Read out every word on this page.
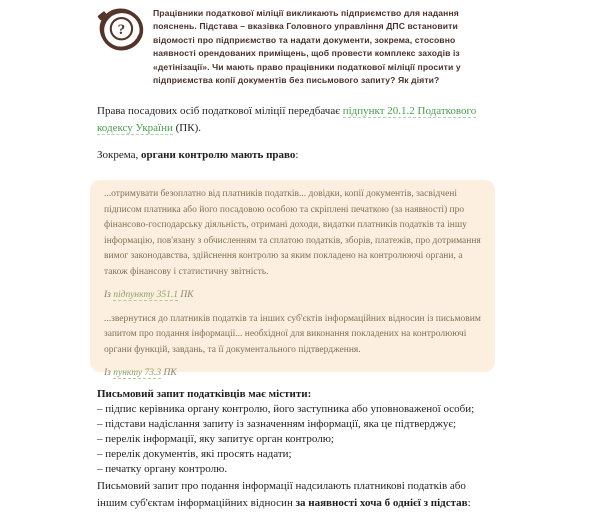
?
Працівники податкової міліції викликають підприємство для надання пояснень. Підстава – вказівка Головного управління ДПС встановити відомості про підприємство та надати документи, зокрема, стосовно наявності орендованих приміщень, щоб провести комплекс заходів із «детінізації». Чи мають право працівники податкової міліції просити у підприємства копії документів без письмового запиту? Як діяти?

Права посадових осіб податкової міліції передбачає підпункт 20.1.2 Податкового кодексу України (ПК).

Зокрема, органи контролю мають право:

...отримувати безоплатно від платників податків... довідки, копії документів, засвідчені підписом платника або його посадовою особою та скріплені печаткою (за наявності) про фінансово-господарську діяльність, отримані доходи, видатки платників податків та іншу інформацію, пов'язану з обчисленням та сплатою податків, зборів, платежів, про дотримання вимог законодавства, здійснення контролю за яким покладено на контролюючі органи, а також фінансову і статистичну звітність.

Із підпункту 351.1 ПК

...звернутися до платників податків та інших суб'єктів інформаційних відносин із письмовим запитом про подання інформації... необхідної для виконання покладених на контролюючі органи функцій, завдань, та її документального підтвердження.

Із пункту 73.3 ПК

Письмовий запит податківців має містити:

– підпис керівника органу контролю, його заступника або уповноваженої особи;
– підстави надіслання запиту із зазначенням інформації, яка це підтверджує;
– перелік інформації, яку запитує орган контролю;
– перелік документів, які просять надати;
– печатку органу контролю.

Письмовий запит про подання інформації надсилають платникові податків або іншим суб'єктам інформаційних відносин за наявності хоча б однієї з підстав:
